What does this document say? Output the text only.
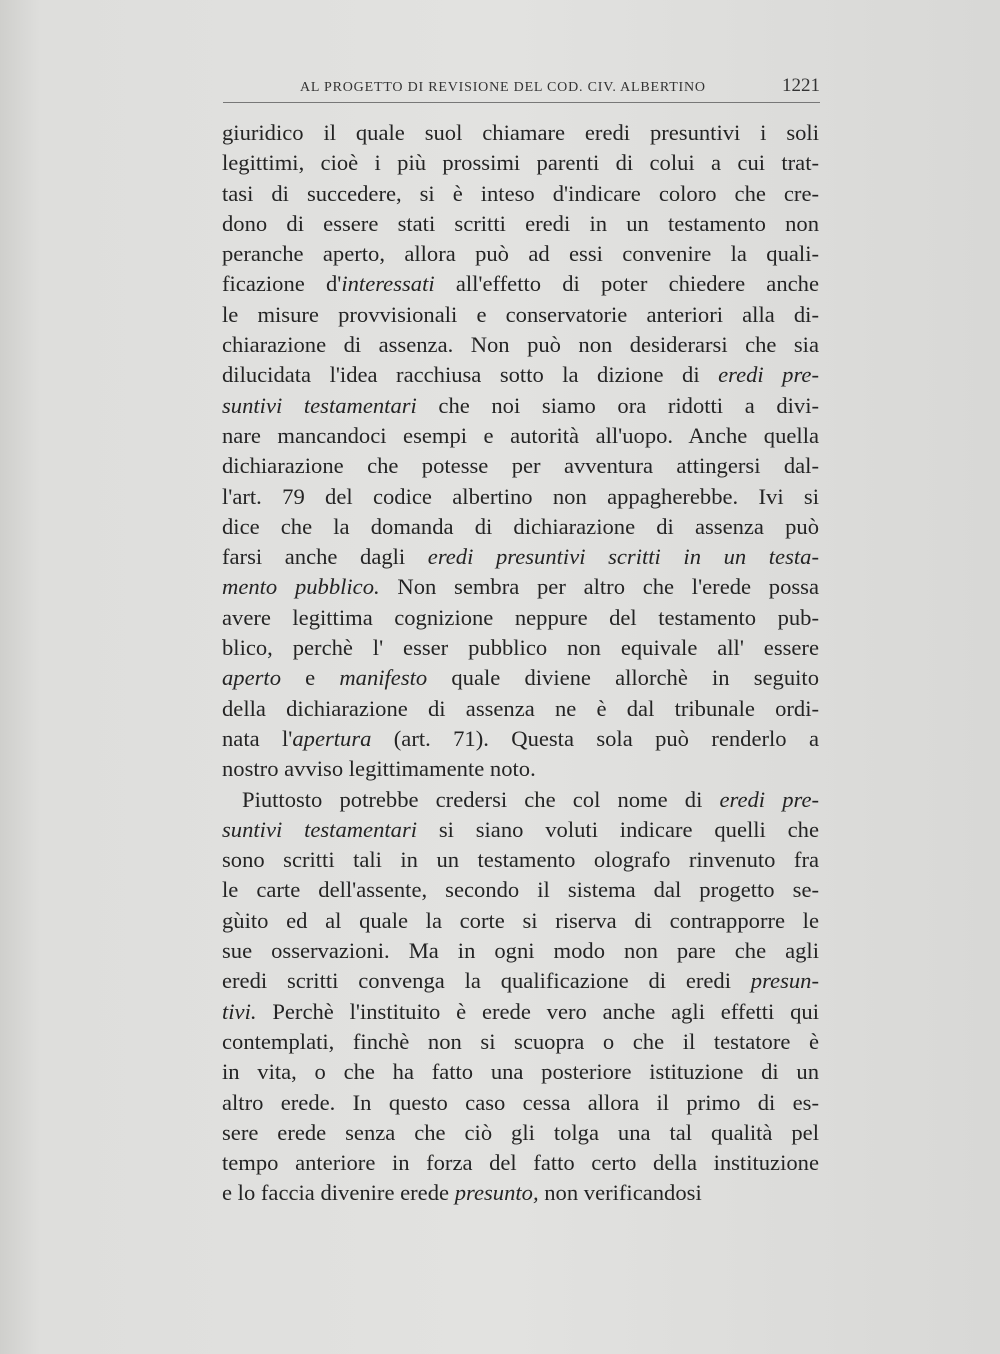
AL PROGETTO DI REVISIONE DEL COD. CIV. ALBERTINO	1221
giuridico il quale suol chiamare eredi presuntivi i soli
legittimi, cioè i più prossimi parenti di colui a cui trat-
tasi di succedere, si è inteso d'indicare coloro che cre-
dono di essere stati scritti eredi in un testamento non
peranche aperto, allora può ad essi convenire la quali-
ficazione d'interessati all'effetto di poter chiedere anche
le misure provvisionali e conservatorie anteriori alla di-
chiarazione di assenza. Non può non desiderarsi che sia
dilucidata l'idea racchiusa sotto la dizione di eredi pre-
suntivi testamentari che noi siamo ora ridotti a divi-
nare mancandoci esempi e autorità all'uopo. Anche quella
dichiarazione che potesse per avventura attingersi dal-
l'art. 79 del codice albertino non appagherebbe. Ivi si
dice che la domanda di dichiarazione di assenza può
farsi anche dagli eredi presuntivi scritti in un testa-
mento pubblico. Non sembra per altro che l'erede possa
avere legittima cognizione neppure del testamento pub-
blico, perchè l' esser pubblico non equivale all' essere
aperto e manifesto quale diviene allorchè in seguito
della dichiarazione di assenza ne è dal tribunale ordi-
nata l'apertura (art. 71). Questa sola può renderlo a
nostro avviso legittimamente noto.
Piuttosto potrebbe credersi che col nome di eredi pre-
suntivi testamentari si siano voluti indicare quelli che
sono scritti tali in un testamento olografo rinvenuto fra
le carte dell'assente, secondo il sistema dal progetto se-
gùito ed al quale la corte si riserva di contrapporre le
sue osservazioni. Ma in ogni modo non pare che agli
eredi scritti convenga la qualificazione di eredi presun-
tivi. Perchè l'instituito è erede vero anche agli effetti qui
contemplati, finchè non si scuopra o che il testatore è
in vita, o che ha fatto una posteriore istituzione di un
altro erede. In questo caso cessa allora il primo di es-
sere erede senza che ciò gli tolga una tal qualità pel
tempo anteriore in forza del fatto certo della instituzione
e lo faccia divenire erede presunto, non verificandosi
